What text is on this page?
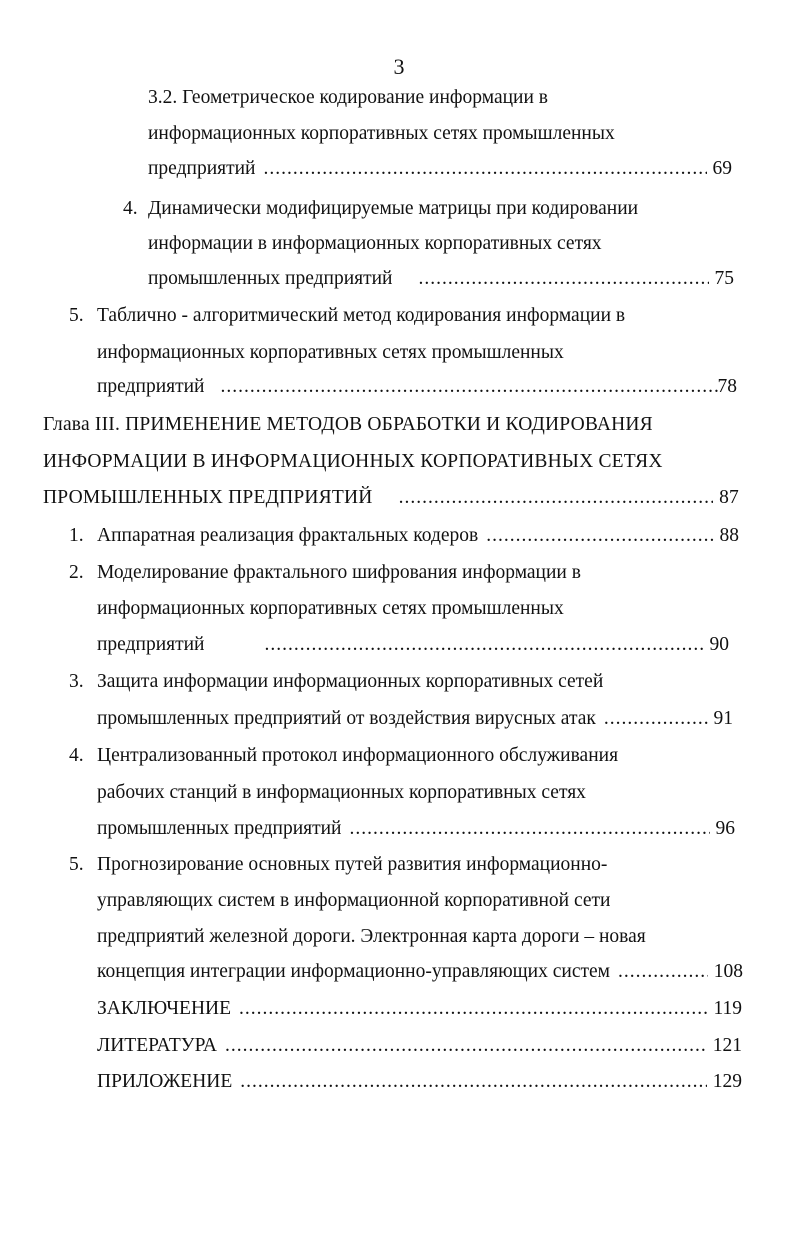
3
3.2. Геометрическое кодирование информации в
информационных корпоративных сетях промышленных
предприятий .....	69
4. Динамически модифицируемые матрицы при кодировании
информации в информационных корпоративных сетях
промышленных предприятий .....	75
5. Таблично - алгоритмический метод кодирования информации в
информационных корпоративных сетях промышленных
предприятий .....	78
Глава III. ПРИМЕНЕНИЕ МЕТОДОВ ОБРАБОТКИ И КОДИРОВАНИЯ
ИНФОРМАЦИИ В ИНФОРМАЦИОННЫХ КОРПОРАТИВНЫХ СЕТЯХ
ПРОМЫШЛЕННЫХ ПРЕДПРИЯТИЙ .....	87
1. Аппаратная реализация фрактальных кодеров .....	88
2. Моделирование фрактального шифрования информации в
информационных корпоративных сетях промышленных
предприятий .....	90
3. Защита информации информационных корпоративных сетей
промышленных предприятий от воздействия вирусных атак .....	91
4. Централизованный протокол информационного обслуживания
рабочих станций в информационных корпоративных сетях
промышленных предприятий .....	96
5. Прогнозирование основных путей развития информационно-
управляющих систем в информационной корпоративной сети
предприятий железной дороги. Электронная карта дороги – новая
концепция интеграции информационно-управляющих систем .....	108
ЗАКЛЮЧЕНИЕ .....	119
ЛИТЕРАТУРА .....	121
ПРИЛОЖЕНИЕ .....	129
